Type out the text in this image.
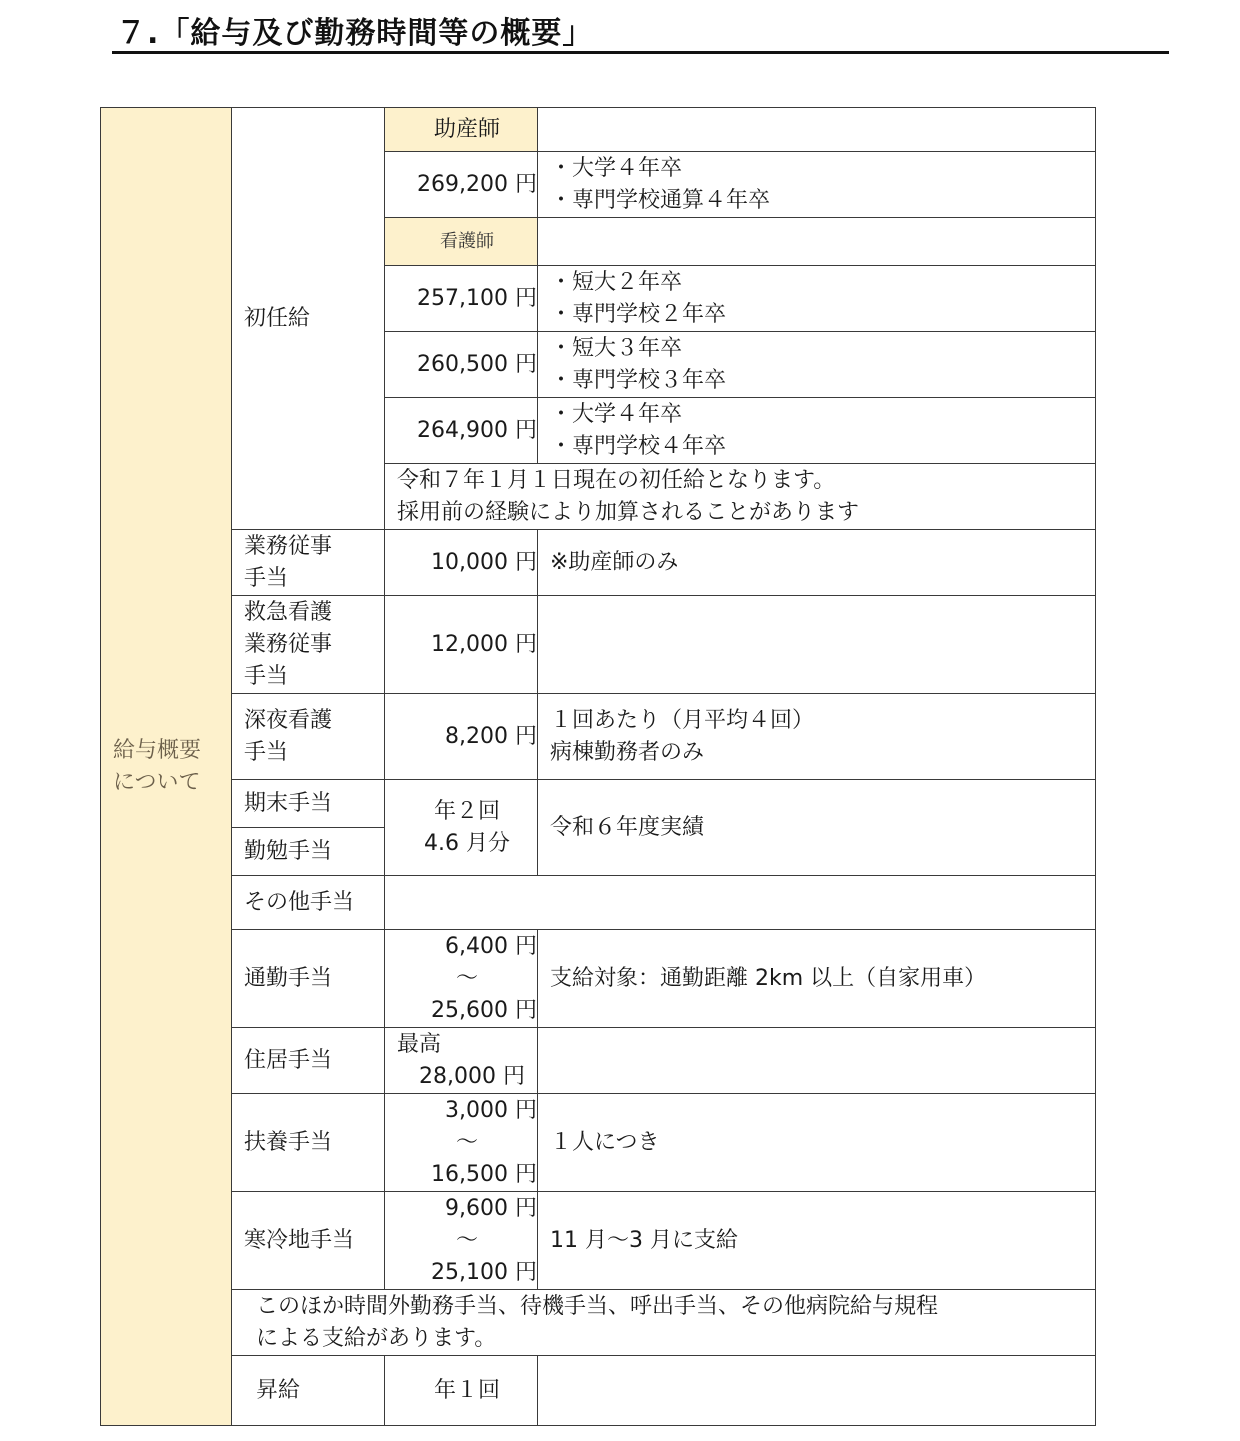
７.「給与及び勤務時間等の概要」
給与概要
について	初任給	助産師	
		269,200 円	・大学４年卒
・専門学校通算４年卒

		看護師	
		257,100 円	・短大２年卒
・専門学校２年卒

		260,500 円	・短大３年卒
・専門学校３年卒

		264,900 円	・大学４年卒
・専門学校４年卒

		令和７年１月１日現在の初任給となります。
採用前の経験により加算されることがあります	

	業務従事
手当	10,000 円	※助産師のみ

	救急看護
業務従事
手当	12,000 円	

	深夜看護
手当	8,200 円	１回あたり（月平均４回）
病棟勤務者のみ

	期末手当	年２回
4.6 月分	令和６年度実績
	勤勉手当		
	その他手当		
	通勤手当	6,400 円
～
25,600 円	支給対象：通勤距離 2km 以上（自家用車）
	住居手当	最高
28,000 円	

	扶養手当	3,000 円
～
16,500 円	１人につき
	寒冷地手当	9,600 円
～
25,100 円	11 月～3 月に支給

	このほか時間外勤務手当、待機手当、呼出手当、その他病院給与規程
による支給があります。		

	昇給	年１回	
